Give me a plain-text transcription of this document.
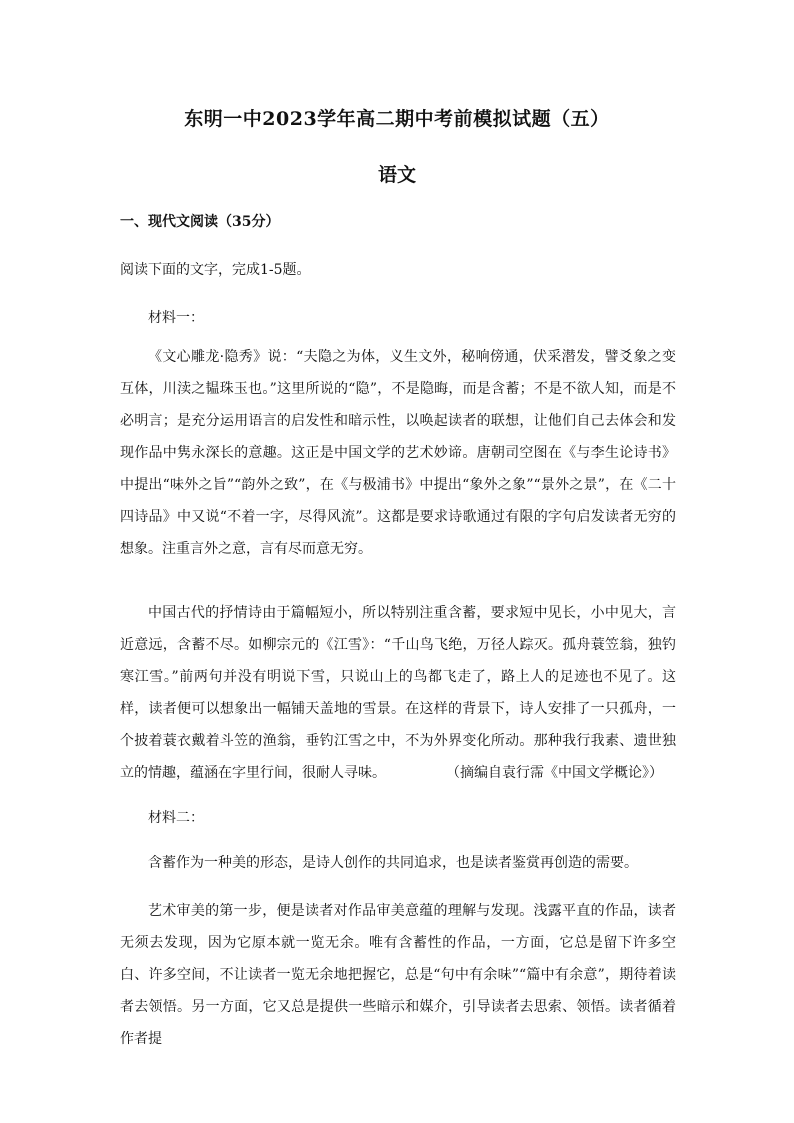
东明一中2023学年高二期中考前模拟试题（五）
语文
一、现代文阅读（35分）
阅读下面的文字，完成1-5题。
材料一：

《文心雕龙·隐秀》说：“夫隐之为体，义生文外，秘响傍通，伏采潜发，譬爻象之变互体，川渎之韫珠玉也。”这里所说的“隐”，不是隐晦，而是含蓄；不是不欲人知，而是不必明言；是充分运用语言的启发性和暗示性，以唤起读者的联想，让他们自己去体会和发现作品中隽永深长的意趣。这正是中国文学的艺术妙谛。唐朝司空图在《与李生论诗书》中提出“味外之旨”“韵外之致”，在《与极浦书》中提出“象外之象”“景外之景”，在《二十四诗品》中又说“不着一字，尽得风流”。这都是要求诗歌通过有限的字句启发读者无穷的想象。注重言外之意，言有尽而意无穷。

中国古代的抒情诗由于篇幅短小，所以特别注重含蓄，要求短中见长，小中见大，言近意远，含蓄不尽。如柳宗元的《江雪》：“千山鸟飞绝，万径人踪灭。孤舟蓑笠翁，独钓寒江雪。”前两句并没有明说下雪，只说山上的鸟都飞走了，路上人的足迹也不见了。这样，读者便可以想象出一幅铺天盖地的雪景。在这样的背景下，诗人安排了一只孤舟，一个披着蓑衣戴着斗笠的渔翁，垂钓江雪之中，不为外界变化所动。那种我行我素、遗世独立的情趣，蕴涵在字里行间，很耐人寻味。	（摘编自袁行霈《中国文学概论》）

材料二：

含蓄作为一种美的形态，是诗人创作的共同追求，也是读者鉴赏再创造的需要。

艺术审美的第一步，便是读者对作品审美意蕴的理解与发现。浅露平直的作品，读者无须去发现，因为它原本就一览无余。唯有含蓄性的作品，一方面，它总是留下许多空白、许多空间，不让读者一览无余地把握它，总是“句中有余味”“篇中有余意”，期待着读者去领悟。另一方面，它又总是提供一些暗示和媒介，引导读者去思索、领悟。读者循着作者提
